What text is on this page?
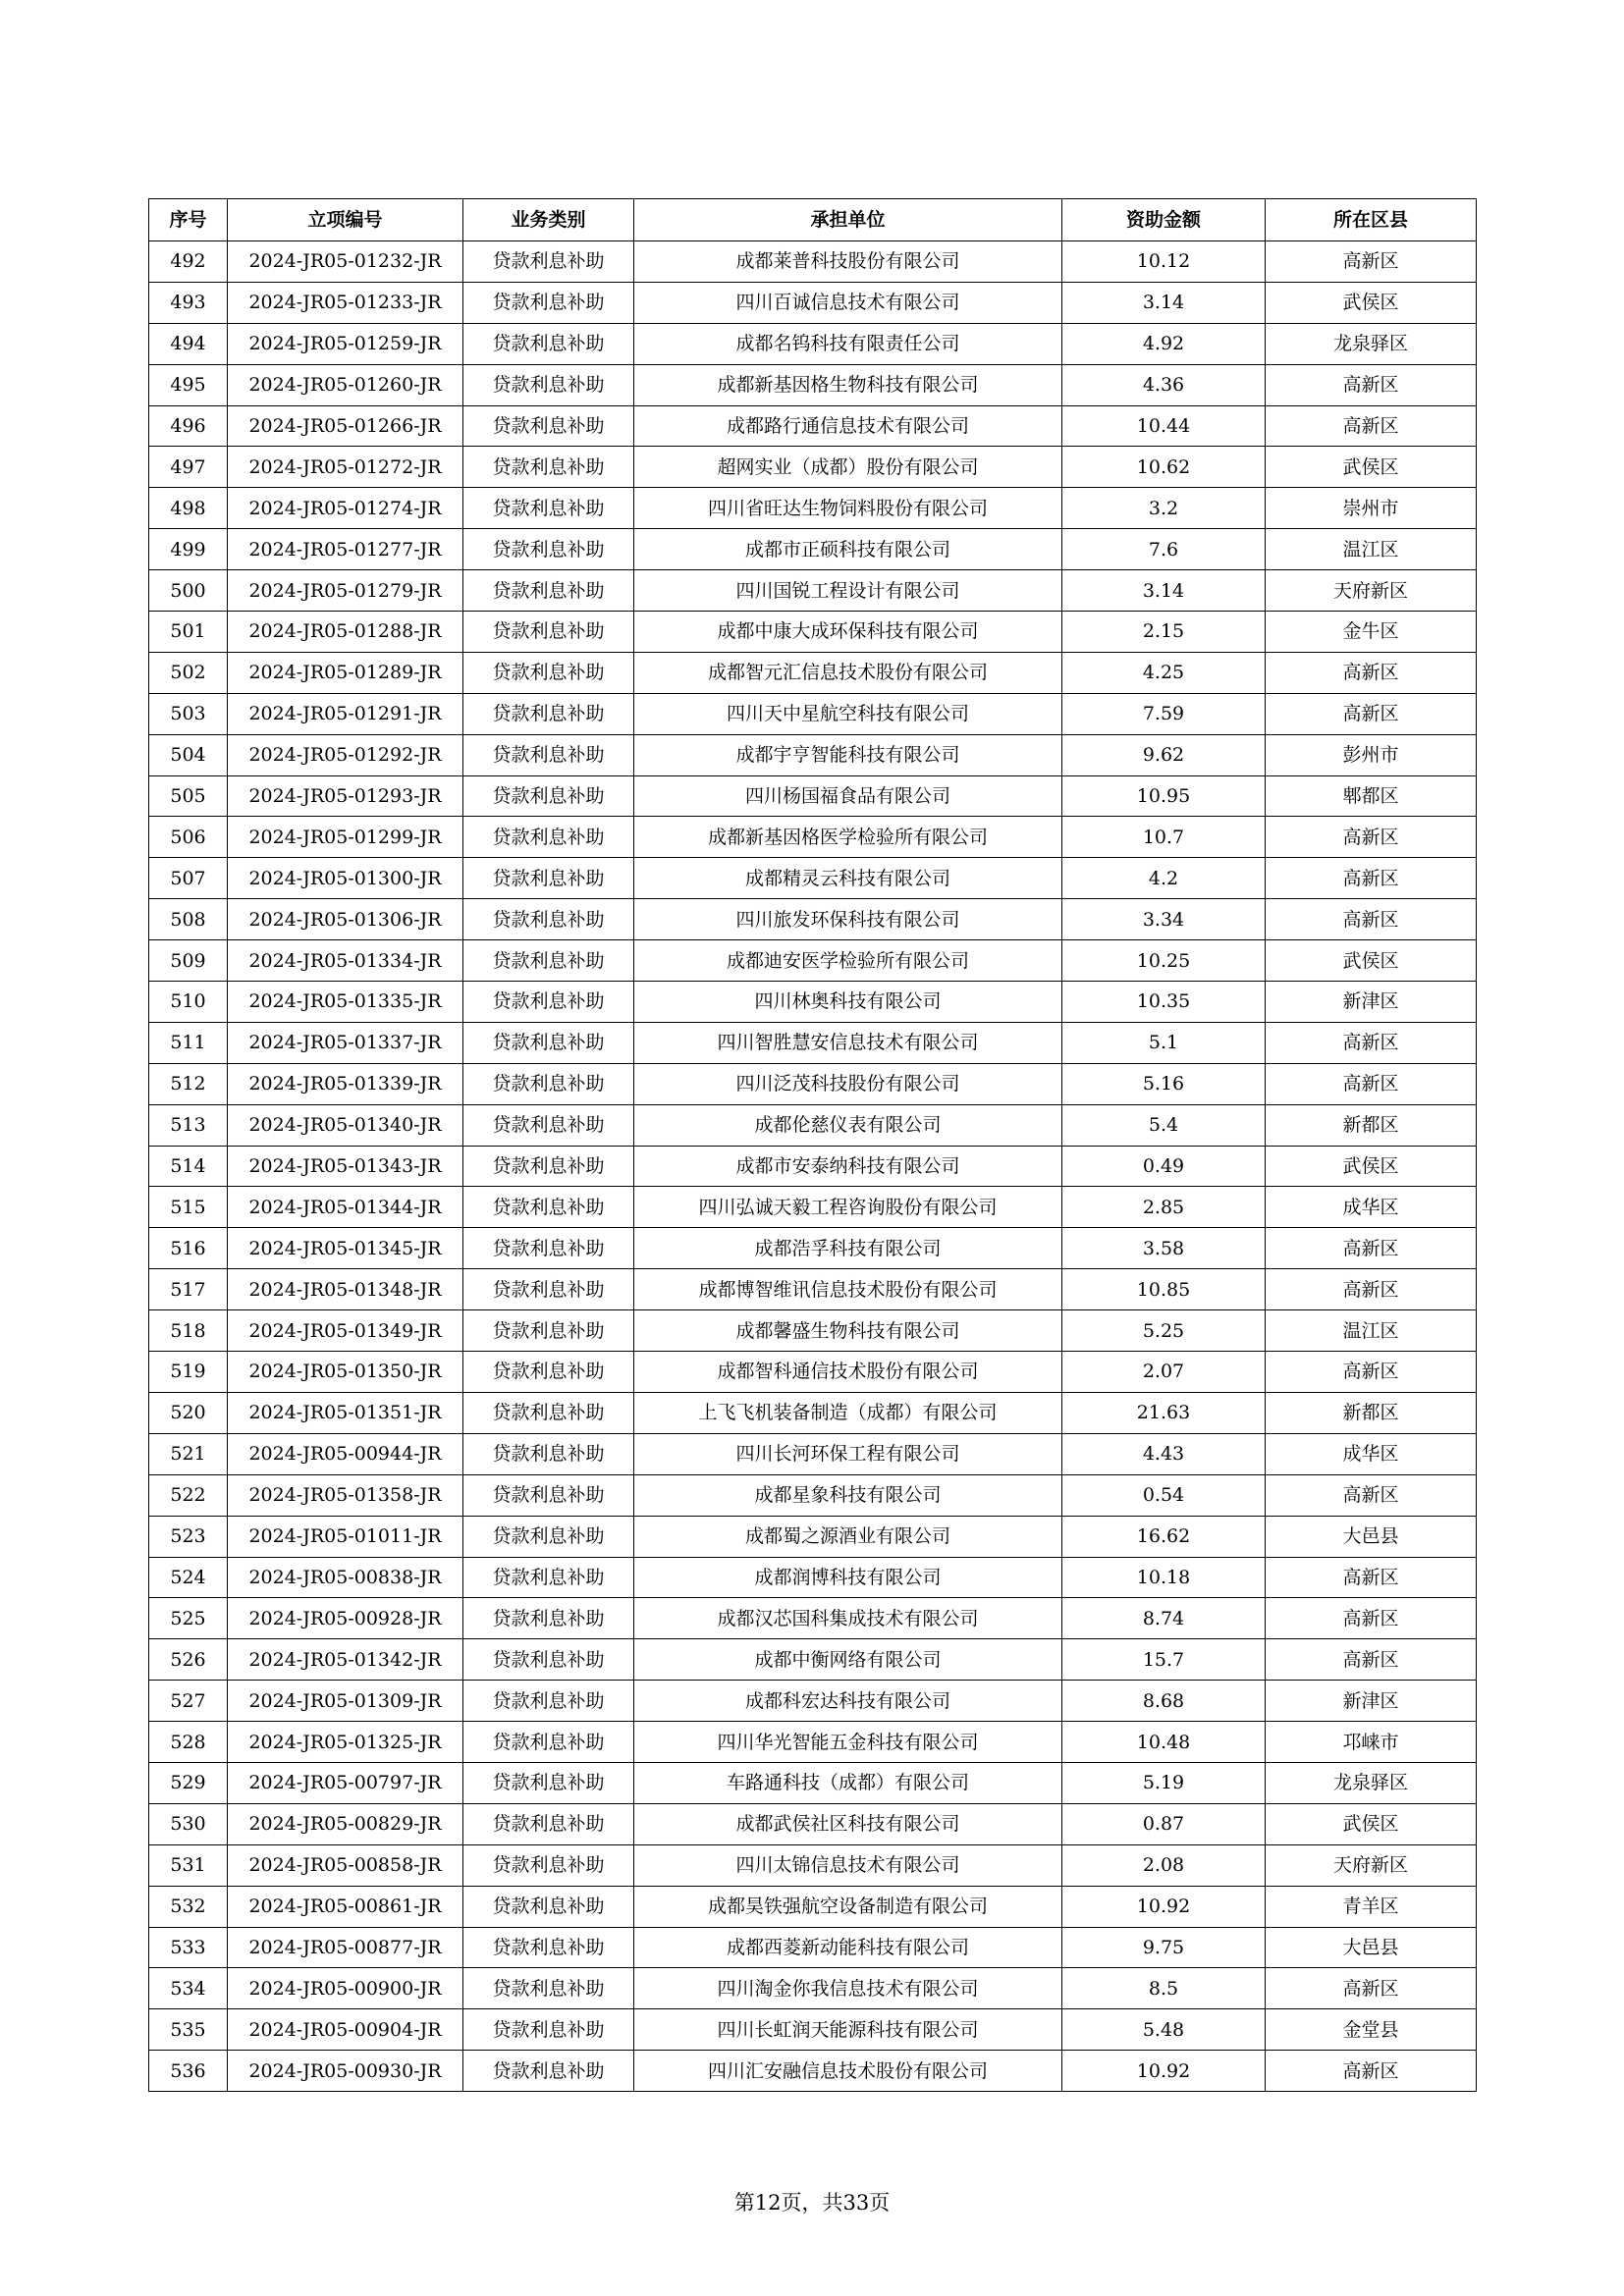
序号	立项编号	业务类别	承担单位	资助金额	所在区县
492	2024-JR05-01232-JR	贷款利息补助	成都莱普科技股份有限公司	10.12	高新区
493	2024-JR05-01233-JR	贷款利息补助	四川百诚信息技术有限公司	3.14	武侯区
494	2024-JR05-01259-JR	贷款利息补助	成都名钨科技有限责任公司	4.92	龙泉驿区
495	2024-JR05-01260-JR	贷款利息补助	成都新基因格生物科技有限公司	4.36	高新区
496	2024-JR05-01266-JR	贷款利息补助	成都路行通信息技术有限公司	10.44	高新区
497	2024-JR05-01272-JR	贷款利息补助	超网实业（成都）股份有限公司	10.62	武侯区
498	2024-JR05-01274-JR	贷款利息补助	四川省旺达生物饲料股份有限公司	3.2	崇州市
499	2024-JR05-01277-JR	贷款利息补助	成都市正硕科技有限公司	7.6	温江区
500	2024-JR05-01279-JR	贷款利息补助	四川国锐工程设计有限公司	3.14	天府新区
501	2024-JR05-01288-JR	贷款利息补助	成都中康大成环保科技有限公司	2.15	金牛区
502	2024-JR05-01289-JR	贷款利息补助	成都智元汇信息技术股份有限公司	4.25	高新区
503	2024-JR05-01291-JR	贷款利息补助	四川天中星航空科技有限公司	7.59	高新区
504	2024-JR05-01292-JR	贷款利息补助	成都宇亨智能科技有限公司	9.62	彭州市
505	2024-JR05-01293-JR	贷款利息补助	四川杨国福食品有限公司	10.95	郫都区
506	2024-JR05-01299-JR	贷款利息补助	成都新基因格医学检验所有限公司	10.7	高新区
507	2024-JR05-01300-JR	贷款利息补助	成都精灵云科技有限公司	4.2	高新区
508	2024-JR05-01306-JR	贷款利息补助	四川旅发环保科技有限公司	3.34	高新区
509	2024-JR05-01334-JR	贷款利息补助	成都迪安医学检验所有限公司	10.25	武侯区
510	2024-JR05-01335-JR	贷款利息补助	四川林奥科技有限公司	10.35	新津区
511	2024-JR05-01337-JR	贷款利息补助	四川智胜慧安信息技术有限公司	5.1	高新区
512	2024-JR05-01339-JR	贷款利息补助	四川泛茂科技股份有限公司	5.16	高新区
513	2024-JR05-01340-JR	贷款利息补助	成都伦慈仪表有限公司	5.4	新都区
514	2024-JR05-01343-JR	贷款利息补助	成都市安泰纳科技有限公司	0.49	武侯区
515	2024-JR05-01344-JR	贷款利息补助	四川弘诚天毅工程咨询股份有限公司	2.85	成华区
516	2024-JR05-01345-JR	贷款利息补助	成都浩孚科技有限公司	3.58	高新区
517	2024-JR05-01348-JR	贷款利息补助	成都博智维讯信息技术股份有限公司	10.85	高新区
518	2024-JR05-01349-JR	贷款利息补助	成都馨盛生物科技有限公司	5.25	温江区
519	2024-JR05-01350-JR	贷款利息补助	成都智科通信技术股份有限公司	2.07	高新区
520	2024-JR05-01351-JR	贷款利息补助	上飞飞机装备制造（成都）有限公司	21.63	新都区
521	2024-JR05-00944-JR	贷款利息补助	四川长河环保工程有限公司	4.43	成华区
522	2024-JR05-01358-JR	贷款利息补助	成都星象科技有限公司	0.54	高新区
523	2024-JR05-01011-JR	贷款利息补助	成都蜀之源酒业有限公司	16.62	大邑县
524	2024-JR05-00838-JR	贷款利息补助	成都润博科技有限公司	10.18	高新区
525	2024-JR05-00928-JR	贷款利息补助	成都汉芯国科集成技术有限公司	8.74	高新区
526	2024-JR05-01342-JR	贷款利息补助	成都中衡网络有限公司	15.7	高新区
527	2024-JR05-01309-JR	贷款利息补助	成都科宏达科技有限公司	8.68	新津区
528	2024-JR05-01325-JR	贷款利息补助	四川华光智能五金科技有限公司	10.48	邛崃市
529	2024-JR05-00797-JR	贷款利息补助	车路通科技（成都）有限公司	5.19	龙泉驿区
530	2024-JR05-00829-JR	贷款利息补助	成都武侯社区科技有限公司	0.87	武侯区
531	2024-JR05-00858-JR	贷款利息补助	四川太锦信息技术有限公司	2.08	天府新区
532	2024-JR05-00861-JR	贷款利息补助	成都昊铁强航空设备制造有限公司	10.92	青羊区
533	2024-JR05-00877-JR	贷款利息补助	成都西菱新动能科技有限公司	9.75	大邑县
534	2024-JR05-00900-JR	贷款利息补助	四川淘金你我信息技术有限公司	8.5	高新区
535	2024-JR05-00904-JR	贷款利息补助	四川长虹润天能源科技有限公司	5.48	金堂县
536	2024-JR05-00930-JR	贷款利息补助	四川汇安融信息技术股份有限公司	10.92	高新区
第12页，共33页
